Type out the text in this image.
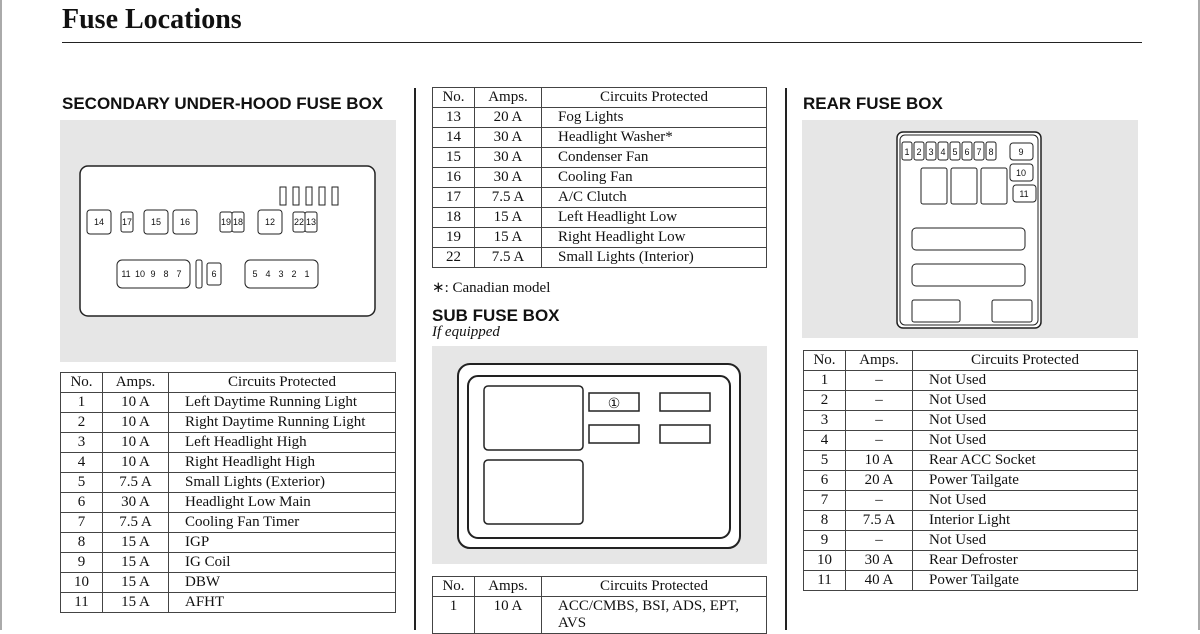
Fuse Locations
SECONDARY UNDER-HOOD FUSE BOX
14 17 15 16	19 18 12 22 13
11 10 9 8 7	6	5 4 3 2 1
No.	Amps.	Circuits Protected
1	10 A	Left Daytime Running Light
2	10 A	Right Daytime Running Light
3	10 A	Left Headlight High
4	10 A	Right Headlight High
5	7.5 A	Small Lights (Exterior)
6	30 A	Headlight Low Main
7	7.5 A	Cooling Fan Timer
8	15 A	IGP
9	15 A	IG Coil
10	15 A	DBW
11	15 A	AFHT
No.	Amps.	Circuits Protected
13	20 A	Fog Lights
14	30 A	Headlight Washer*
15	30 A	Condenser Fan
16	30 A	Cooling Fan
17	7.5 A	A/C Clutch
18	15 A	Left Headlight Low
19	15 A	Right Headlight Low
22	7.5 A	Small Lights (Interior)
∗: Canadian model
SUB FUSE BOX
If equipped
①
No.	Amps.	Circuits Protected
1	10 A	ACC/CMBS, BSI, ADS, EPT, AVS
REAR FUSE BOX
1 2 3 4 5 6 7 8	9
10
11
No.	Amps.	Circuits Protected
1	–	Not Used
2	–	Not Used
3	–	Not Used
4	–	Not Used
5	10 A	Rear ACC Socket
6	20 A	Power Tailgate
7	–	Not Used
8	7.5 A	Interior Light
9	–	Not Used
10	30 A	Rear Defroster
11	40 A	Power Tailgate
